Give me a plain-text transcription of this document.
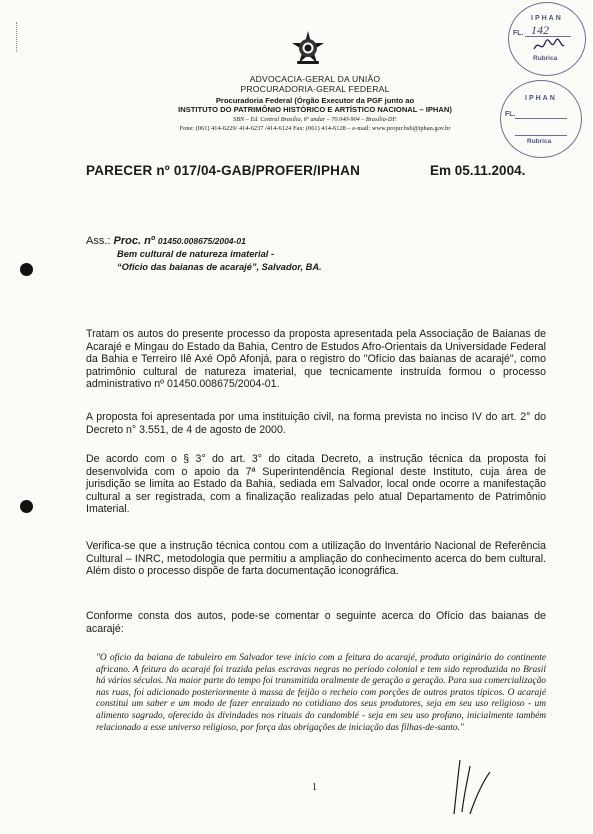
ADVOCACIA-GERAL DA UNIÃO
PROCURADORIA-GERAL FEDERAL
Procuradoria Federal (Órgão Executor da PGF junto ao
INSTITUTO DO PATRIMÔNIO HISTÓRICO E ARTÍSTICO NACIONAL – IPHAN)
SBN – Ed. Central Brasília, 6º andar – 70.040-904 – Brasília-DF.
Fone: (061) 414-6229/ 414-6237 /414-6124 Fax: (061) 414-6128 – e-mail: www.projur.bsb@iphan.gov.br
IPHAN
FL. 142
Rubrica
IPHAN
FL.
Rubrica
PARECER nº 017/04-GAB/PROFER/IPHAN	Em 05.11.2004.
Ass.: Proc. nº 01450.008675/2004-01
Bem cultural de natureza imaterial -
“Ofício das baianas de acarajé”, Salvador, BA.
Tratam os autos do presente processo da proposta apresentada pela Associação de Baianas de Acarajé e Mingau do Estado da Bahia, Centro de Estudos Afro-Orientais da Universidade Federal da Bahia e Terreiro Ilê Axé Opô Afonjá, para o registro do "Ofício das baianas de acarajé", como patrimônio cultural de natureza imaterial, que tecnicamente instruída formou o processo administrativo nº 01450.008675/2004-01.
A proposta foi apresentada por uma instituição civil, na forma prevista no inciso IV do art. 2° do Decreto n° 3.551, de 4 de agosto de 2000.
De acordo com o § 3° do art. 3° do citada Decreto, a instrução técnica da proposta foi desenvolvida com o apoio da 7ª Superintendência Regional deste Instituto, cuja área de jurisdição se limita ao Estado da Bahia, sediada em Salvador, local onde ocorre a manifestação cultural a ser registrada, com a finalização realizadas pelo atual Departamento de Patrimônio Imaterial.
Verifica-se que a instrução técnica contou com a utilização do Inventário Nacional de Referência Cultural – INRC, metodologia que permitiu a ampliação do conhecimento acerca do bem cultural. Além disto o processo dispõe de farta documentação iconográfica.
Conforme consta dos autos, pode-se comentar o seguinte acerca do Ofício das baianas de acarajé:
"O ofício da baiana de tabuleiro em Salvador teve início com a feitura do acarajé, produto originário do continente africano. A feitura do acarajé foi trazida pelas escravas negras no período colonial e tem sido reproduzida no Brasil há vários séculos. Na maior parte do tempo foi transmitida oralmente de geração a geração. Para sua comercialização nas ruas, foi adicionado posteriormente à massa de feijão o recheio com porções de outros pratos típicos. O acarajé constitui um saber e um modo de fazer enraizado no cotidiano dos seus produtores, seja em seu uso religioso - um alimento sagrado, oferecido às divindades nos rituais do candomblé - seja em seu uso profano, inicialmente também relacionado a esse universo religioso, por força das obrigações de iniciação das filhas-de-santo."
1
